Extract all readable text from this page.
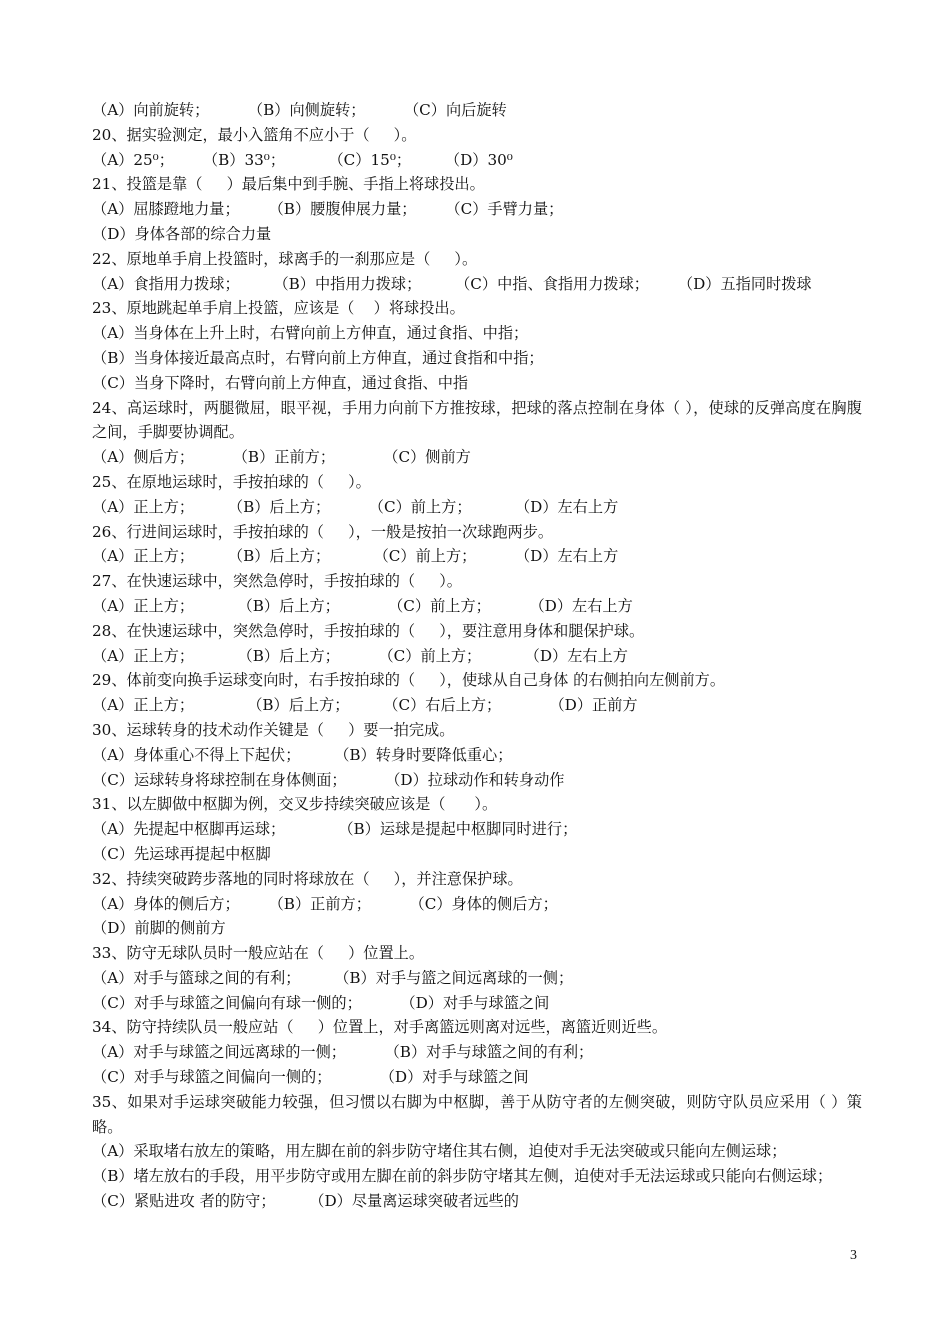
（A）向前旋转；        （B）向侧旋转；        （C）向后旋转
20、据实验测定，最小入篮角不应小于（     ）。
（A）25⁰；      （B）33⁰；         （C）15⁰；       （D）30⁰
21、投篮是靠（     ）最后集中到手腕、手指上将球投出。
（A）屈膝蹬地力量；      （B）腰腹伸展力量；      （C）手臂力量；
（D）身体各部的综合力量
22、原地单手肩上投篮时，球离手的一刹那应是（     ）。
（A）食指用力拨球；       （B）中指用力拨球；       （C）中指、食指用力拨球；      （D）五指同时拨球
23、原地跳起单手肩上投篮，应该是（    ）将球投出。
（A）当身体在上升上时，右臂向前上方伸直，通过食指、中指；
（B）当身体接近最高点时，右臂向前上方伸直，通过食指和中指；
（C）当身下降时，右臂向前上方伸直，通过食指、中指
24、高运球时，两腿微屈，眼平视，手用力向前下方推按球，把球的落点控制在身体（ ），使球的反弹高度在胸腹之间，手脚要协调配。
（A）侧后方；        （B）正前方；          （C）侧前方
25、在原地运球时，手按拍球的（     ）。
（A）正上方；       （B）后上方；        （C）前上方；         （D）左右上方
26、行进间运球时，手按拍球的（     ），一般是按拍一次球跑两步。
（A）正上方；       （B）后上方；         （C）前上方；        （D）左右上方
27、在快速运球中，突然急停时，手按拍球的（     ）。
（A）正上方；         （B）后上方；          （C）前上方；        （D）左右上方
28、在快速运球中，突然急停时，手按拍球的（     ），要注意用身体和腿保护球。
（A）正上方；         （B）后上方；        （C）前上方；         （D）左右上方
29、体前变向换手运球变向时，右手按拍球的（     ），使球从自己身体 的右侧拍向左侧前方。
（A）正上方；           （B）后上方；       （C）右后上方；          （D）正前方
30、运球转身的技术动作关键是（     ）要一拍完成。
（A）身体重心不得上下起伏；       （B）转身时要降低重心；
（C）运球转身将球控制在身体侧面；        （D）拉球动作和转身动作
31、以左脚做中枢脚为例，交叉步持续突破应该是（      ）。
（A）先提起中枢脚再运球；           （B）运球是提起中枢脚同时进行；
（C）先运球再提起中枢脚
32、持续突破跨步落地的同时将球放在（     ），并注意保护球。
（A）身体的侧后方；      （B）正前方；        （C）身体的侧后方；
（D）前脚的侧前方
33、防守无球队员时一般应站在（     ）位置上。
（A）对手与篮球之间的有利；       （B）对手与篮之间远离球的一侧；
（C）对手与球篮之间偏向有球一侧的；        （D）对手与球篮之间
34、防守持续队员一般应站（     ）位置上，对手离篮远则离对远些，离篮近则近些。
（A）对手与球篮之间远离球的一侧；        （B）对手与球篮之间的有利；
（C）对手与球篮之间偏向一侧的；          （D）对手与球篮之间
35、如果对手运球突破能力较强，但习惯以右脚为中枢脚，善于从防守者的左侧突破，则防守队员应采用（ ）策略。
（A）采取堵右放左的策略，用左脚在前的斜步防守堵住其右侧，迫使对手无法突破或只能向左侧运球；
（B）堵左放右的手段，用平步防守或用左脚在前的斜步防守堵其左侧，迫使对手无法运球或只能向右侧运球；
（C）紧贴进攻 者的防守；       （D）尽量离运球突破者远些的
3
